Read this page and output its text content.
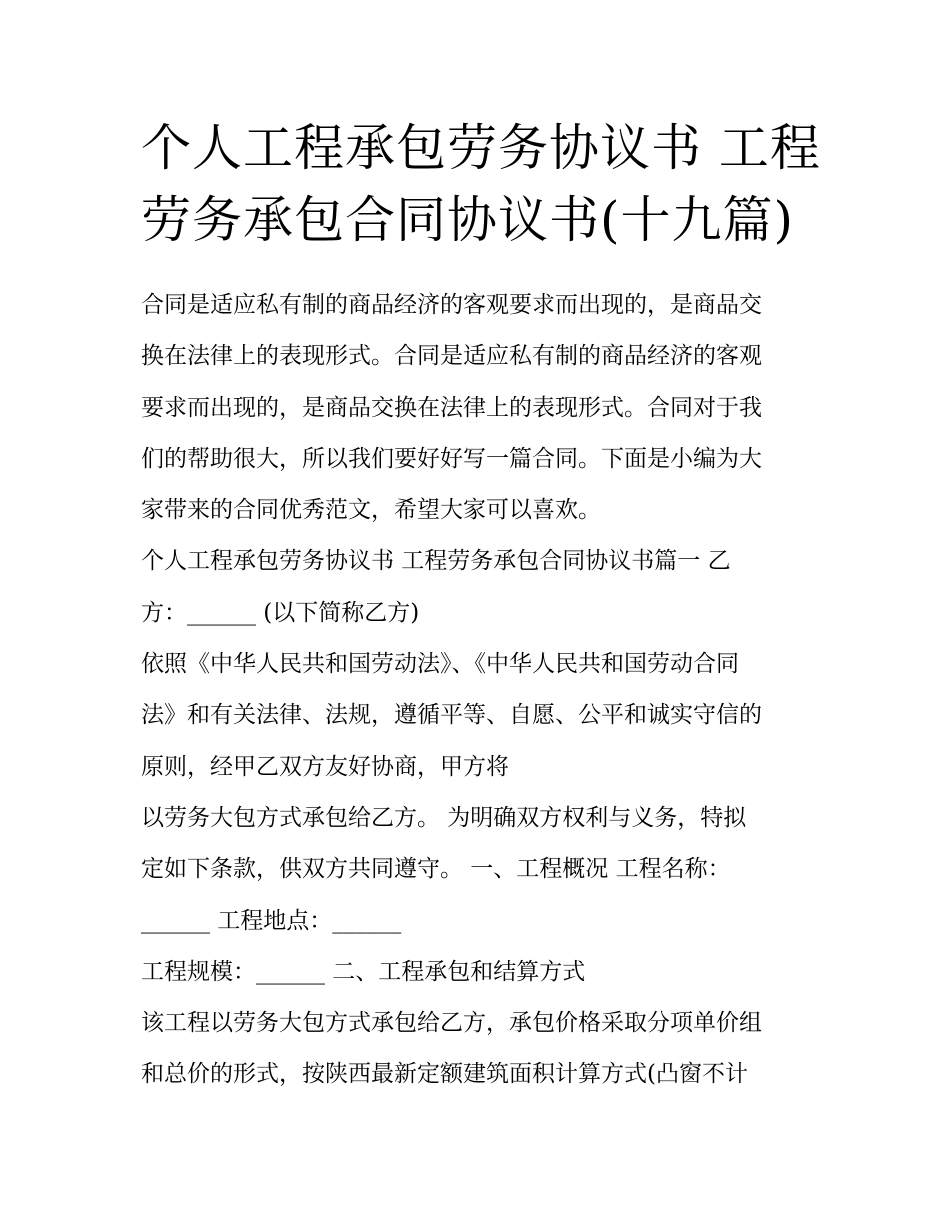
个人工程承包劳务协议书 工程
劳务承包合同协议书(十九篇)
合同是适应私有制的商品经济的客观要求而出现的，是商品交
换在法律上的表现形式。合同是适应私有制的商品经济的客观
要求而出现的，是商品交换在法律上的表现形式。合同对于我
们的帮助很大，所以我们要好好写一篇合同。下面是小编为大
家带来的合同优秀范文，希望大家可以喜欢。
个人工程承包劳务协议书 工程劳务承包合同协议书篇一 乙
方：______ (以下简称乙方)
依照《中华人民共和国劳动法》、《中华人民共和国劳动合同
法》和有关法律、法规，遵循平等、自愿、公平和诚实守信的
原则，经甲乙双方友好协商，甲方将
以劳务大包方式承包给乙方。 为明确双方权利与义务，特拟
定如下条款，供双方共同遵守。 一、工程概况 工程名称：
______ 工程地点：______
工程规模：______ 二、工程承包和结算方式
该工程以劳务大包方式承包给乙方，承包价格采取分项单价组
和总价的形式，按陕西最新定额建筑面积计算方式(凸窗不计
